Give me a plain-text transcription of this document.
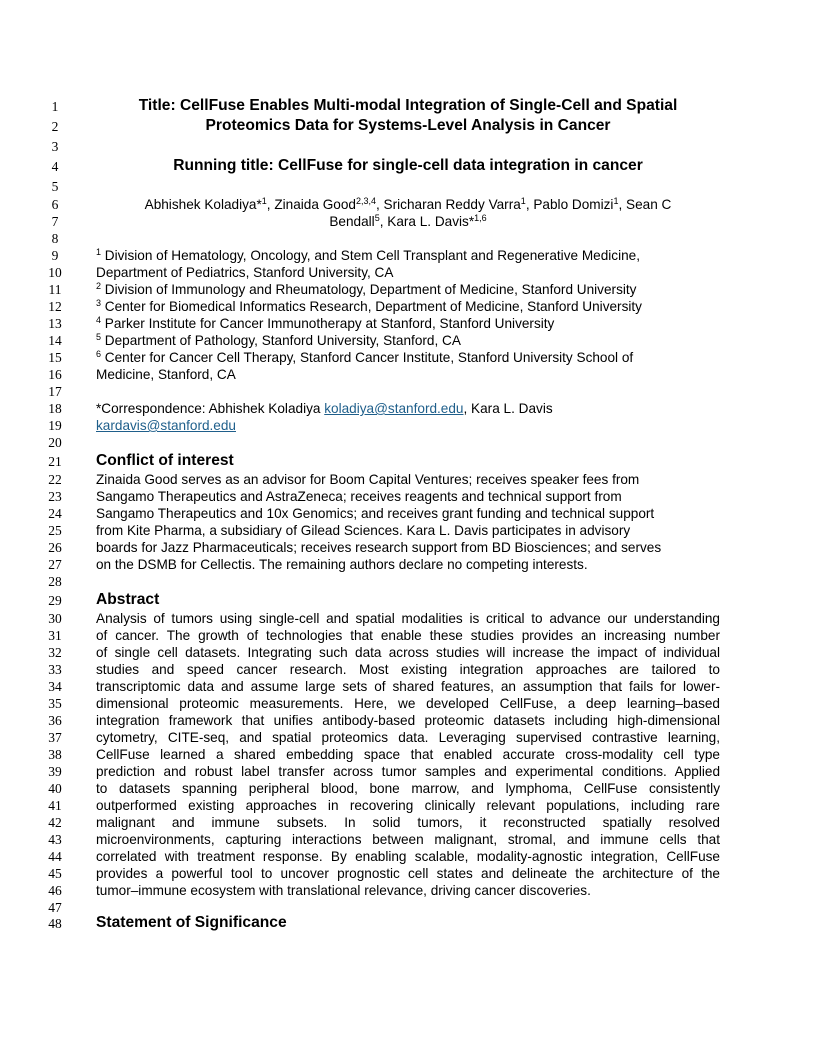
1
2
3
4
5
6
7
8
9
10
11
12
13
14
15
16
17
18
19
20
21
22
23
24
25
26
27
28
29
30
31
32
33
34
35
36
37
38
39
40
41
42
43
44
45
46
47
48
Title: CellFuse Enables Multi-modal Integration of Single-Cell and Spatial
Proteomics Data for Systems-Level Analysis in Cancer
Running title: CellFuse for single-cell data integration in cancer
Abhishek Koladiya*$^1$, Zinaida Good$^{2,3,4}$, Sricharan Reddy Varra$^1$, Pablo Domizi$^1$, Sean C
Bendall$^5$, Kara L. Davis*$^{1,6}$
$^1$ Division of Hematology, Oncology, and Stem Cell Transplant and Regenerative Medicine,
Department of Pediatrics, Stanford University, CA
$^2$ Division of Immunology and Rheumatology, Department of Medicine, Stanford University
$^3$ Center for Biomedical Informatics Research, Department of Medicine, Stanford University
$^4$ Parker Institute for Cancer Immunotherapy at Stanford, Stanford University
$^5$ Department of Pathology, Stanford University, Stanford, CA
$^6$ Center for Cancer Cell Therapy, Stanford Cancer Institute, Stanford University School of
Medicine, Stanford, CA
*Correspondence: Abhishek Koladiya koladiya@stanford.edu, Kara L. Davis
kardavis@stanford.edu
Conflict of interest
Zinaida Good serves as an advisor for Boom Capital Ventures; receives speaker fees from
Sangamo Therapeutics and AstraZeneca; receives reagents and technical support from
Sangamo Therapeutics and 10x Genomics; and receives grant funding and technical support
from Kite Pharma, a subsidiary of Gilead Sciences. Kara L. Davis participates in advisory
boards for Jazz Pharmaceuticals; receives research support from BD Biosciences; and serves
on the DSMB for Cellectis. The remaining authors declare no competing interests.
Abstract
Analysis of tumors using single-cell and spatial modalities is critical to advance our understanding
of cancer. The growth of technologies that enable these studies provides an increasing number
of single cell datasets. Integrating such data across studies will increase the impact of individual
studies and speed cancer research. Most existing integration approaches are tailored to
transcriptomic data and assume large sets of shared features, an assumption that fails for lower-
dimensional proteomic measurements. Here, we developed CellFuse, a deep learning–based
integration framework that unifies antibody-based proteomic datasets including high-dimensional
cytometry, CITE-seq, and spatial proteomics data. Leveraging supervised contrastive learning,
CellFuse learned a shared embedding space that enabled accurate cross-modality cell type
prediction and robust label transfer across tumor samples and experimental conditions. Applied
to datasets spanning peripheral blood, bone marrow, and lymphoma, CellFuse consistently
outperformed existing approaches in recovering clinically relevant populations, including rare
malignant and immune subsets. In solid tumors, it reconstructed spatially resolved
microenvironments, capturing interactions between malignant, stromal, and immune cells that
correlated with treatment response. By enabling scalable, modality-agnostic integration, CellFuse
provides a powerful tool to uncover prognostic cell states and delineate the architecture of the
tumor–immune ecosystem with translational relevance, driving cancer discoveries.
Statement of Significance
